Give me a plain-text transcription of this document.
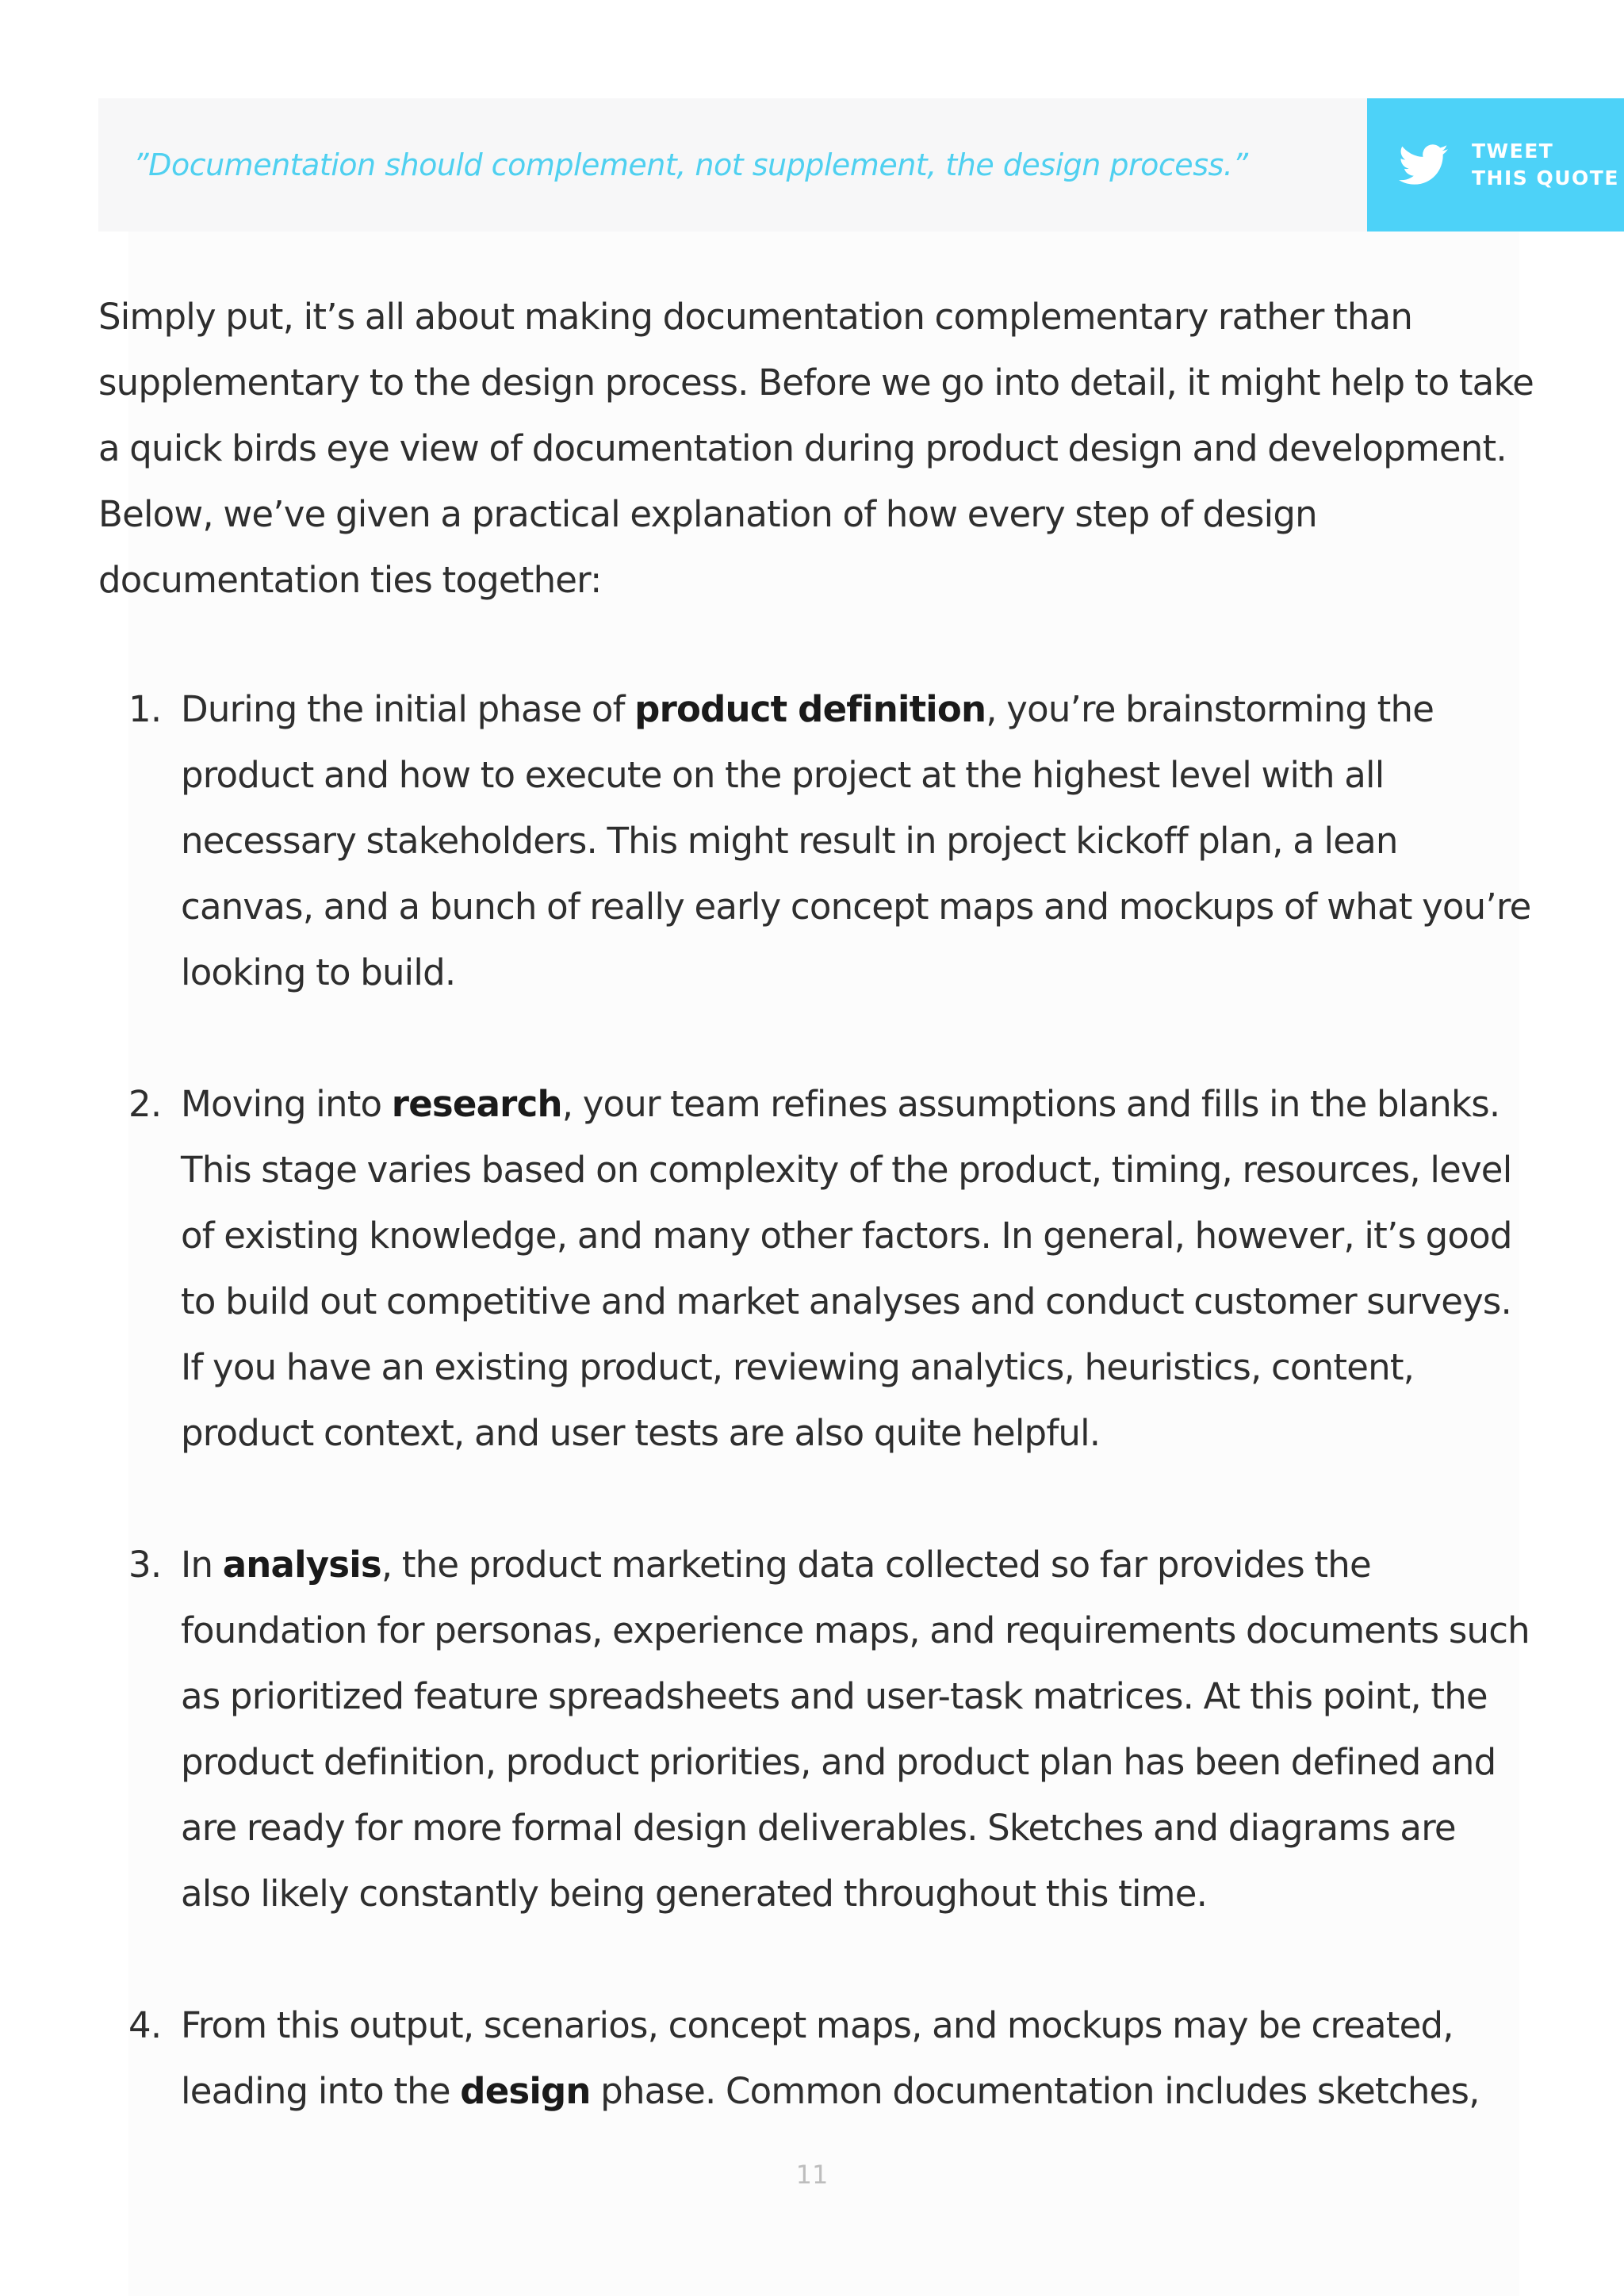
”Documentation should complement, not supplement, the design process.”	TWEET
THIS QUOTE

Simply put, it’s all about making documentation complementary rather than supplementary to the design process. Before we go into detail, it might help to take a quick birds eye view of documentation during product design and development. Below, we’ve given a practical explanation of how every step of design documentation ties together:

1. During the initial phase of product definition, you’re brainstorming the product and how to execute on the project at the highest level with all necessary stakeholders. This might result in project kickoff plan, a lean canvas, and a bunch of really early concept maps and mockups of what you’re looking to build.
2. Moving into research, your team refines assumptions and fills in the blanks. This stage varies based on complexity of the product, timing, resources, level of existing knowledge, and many other factors. In general, however, it’s good to build out competitive and market analyses and conduct customer surveys. If you have an existing product, reviewing analytics, heuristics, content, product context, and user tests are also quite helpful.
3. In analysis, the product marketing data collected so far provides the foundation for personas, experience maps, and requirements documents such as prioritized feature spreadsheets and user-task matrices. At this point, the product definition, product priorities, and product plan has been defined and are ready for more formal design deliverables. Sketches and diagrams are also likely constantly being generated throughout this time.
4. From this output, scenarios, concept maps, and mockups may be created, leading into the design phase. Common documentation includes sketches,
11
